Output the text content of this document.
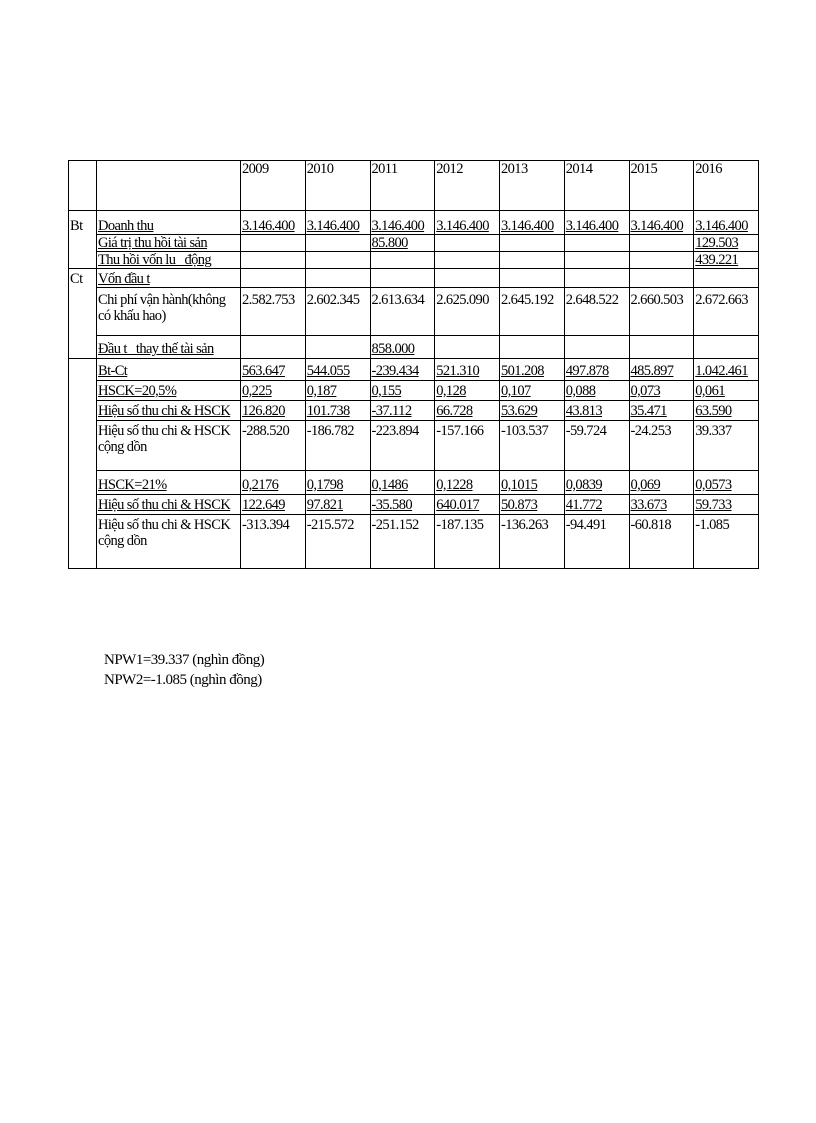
		2009	2010	2011	2012	2013	2014	2015	2016
Bt	Doanh thu	3.146.400	3.146.400	3.146.400	3.146.400	3.146.400	3.146.400	3.146.400	3.146.400
	Giá trị thu hồi tài sản			85.800					129.503
	Thu hồi vốn lu   động								439.221
Ct	Vốn đầu t								
	Chi phí vận hành(không có khấu hao)	2.582.753	2.602.345	2.613.634	2.625.090	2.645.192	2.648.522	2.660.503	2.672.663
	Đầu t   thay thế tài sản			858.000					
	Bt-Ct	563.647	544.055	-239.434	521.310	501.208	497.878	485.897	1.042.461
	HSCK=20,5%	0,225	0,187	0,155	0,128	0,107	0,088	0,073	0,061
	Hiệu số thu chi & HSCK	126.820	101.738	-37.112	66.728	53.629	43.813	35.471	63.590
	Hiệu số thu chi & HSCK cộng dồn	-288.520	-186.782	-223.894	-157.166	-103.537	-59.724	-24.253	39.337
	HSCK=21%	0,2176	0,1798	0,1486	0,1228	0,1015	0,0839	0,069	0,0573
	Hiệu số thu chi & HSCK	122.649	97.821	-35.580	640.017	50.873	41.772	33.673	59.733
	Hiệu số thu chi & HSCK cộng dồn	-313.394	-215.572	-251.152	-187.135	-136.263	-94.491	-60.818	-1.085
NPW1=39.337 (nghìn đồng)
NPW2=-1.085 (nghìn đồng)
